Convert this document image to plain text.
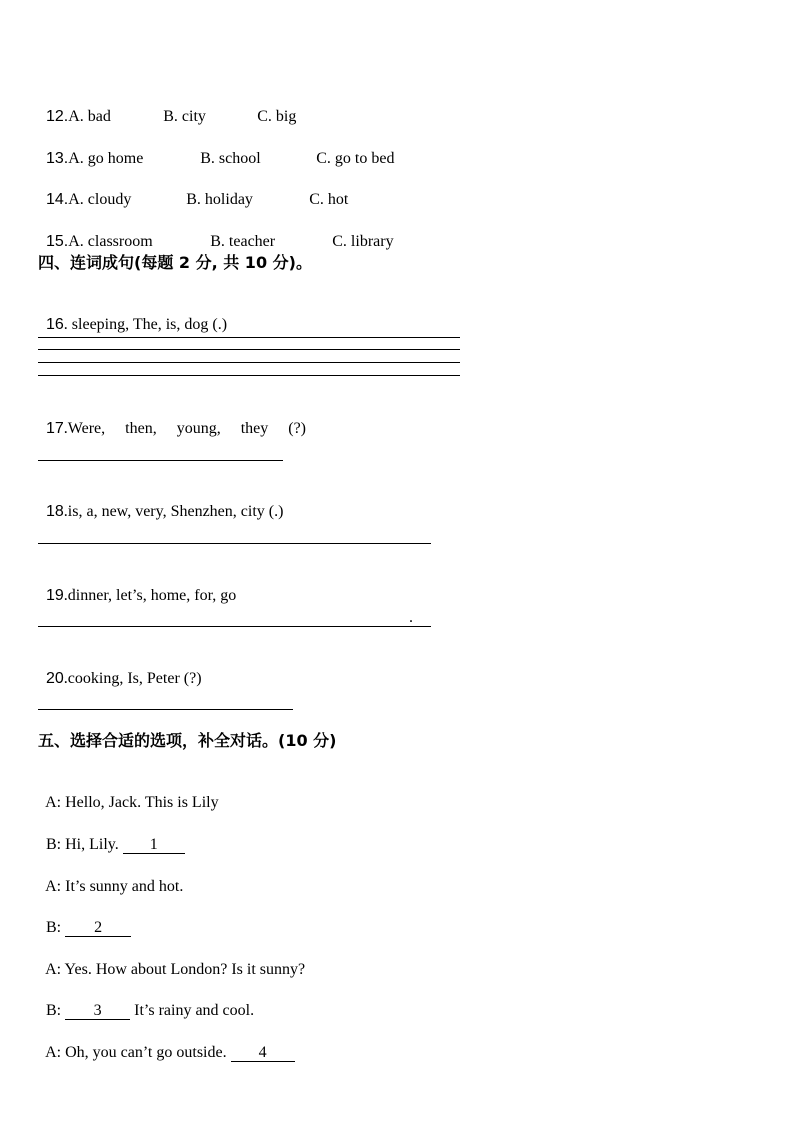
12.A. bad	B. city	C. big

13.A. go home	B. school	C. go to bed

14.A. cloudy	B. holiday	C. hot

15.A. classroom	B. teacher	C. library

四、连词成句(每题 2 分, 共 10 分)。

16. sleeping, The, is, dog (.)

17.Were,     then,     young,     they     (?)

18.is, a, new, very, Shenzhen, city (.)

19.dinner, let’s, home, for, go

.

20.cooking, Is, Peter (?)

五、选择合适的选项，补全对话。(10 分)

A: Hello, Jack. This is Lily

B: Hi, Lily. 1

A: It’s sunny and hot.

B: 2

A: Yes. How about London? Is it sunny?

B: 3 It’s rainy and cool.

A: Oh, you can’t go outside. 4
